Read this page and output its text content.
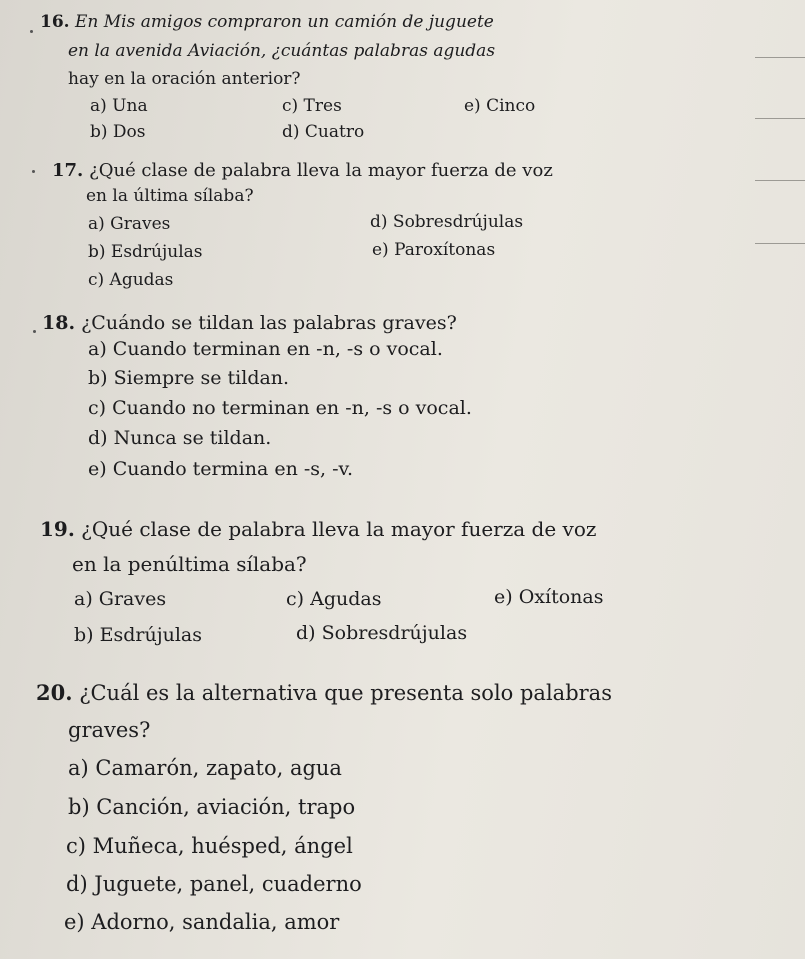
16. En Mis amigos compraron un camión de juguete
en la avenida Aviación, ¿cuántas palabras agudas
hay en la oración anterior?
a) Una
b) Dos
c) Tres
d) Cuatro
e) Cinco
17. ¿Qué clase de palabra lleva la mayor fuerza de voz
en la última sílaba?
a) Graves
b) Esdrújulas
c) Agudas
d) Sobresdrújulas
e) Paroxítonas
18. ¿Cuándo se tildan las palabras graves?
a) Cuando terminan en -n, -s o vocal.
b) Siempre se tildan.
c) Cuando no terminan en -n, -s o vocal.
d) Nunca se tildan.
e) Cuando termina en -s, -v.
19. ¿Qué clase de palabra lleva la mayor fuerza de voz
en la penúltima sílaba?
a) Graves
b) Esdrújulas
c) Agudas
d) Sobresdrújulas
e) Oxítonas
20. ¿Cuál es la alternativa que presenta solo palabras
graves?
a) Camarón, zapato, agua
b) Canción, aviación, trapo
c) Muñeca, huésped, ángel
d) Juguete, panel, cuaderno
e) Adorno, sandalia, amor
